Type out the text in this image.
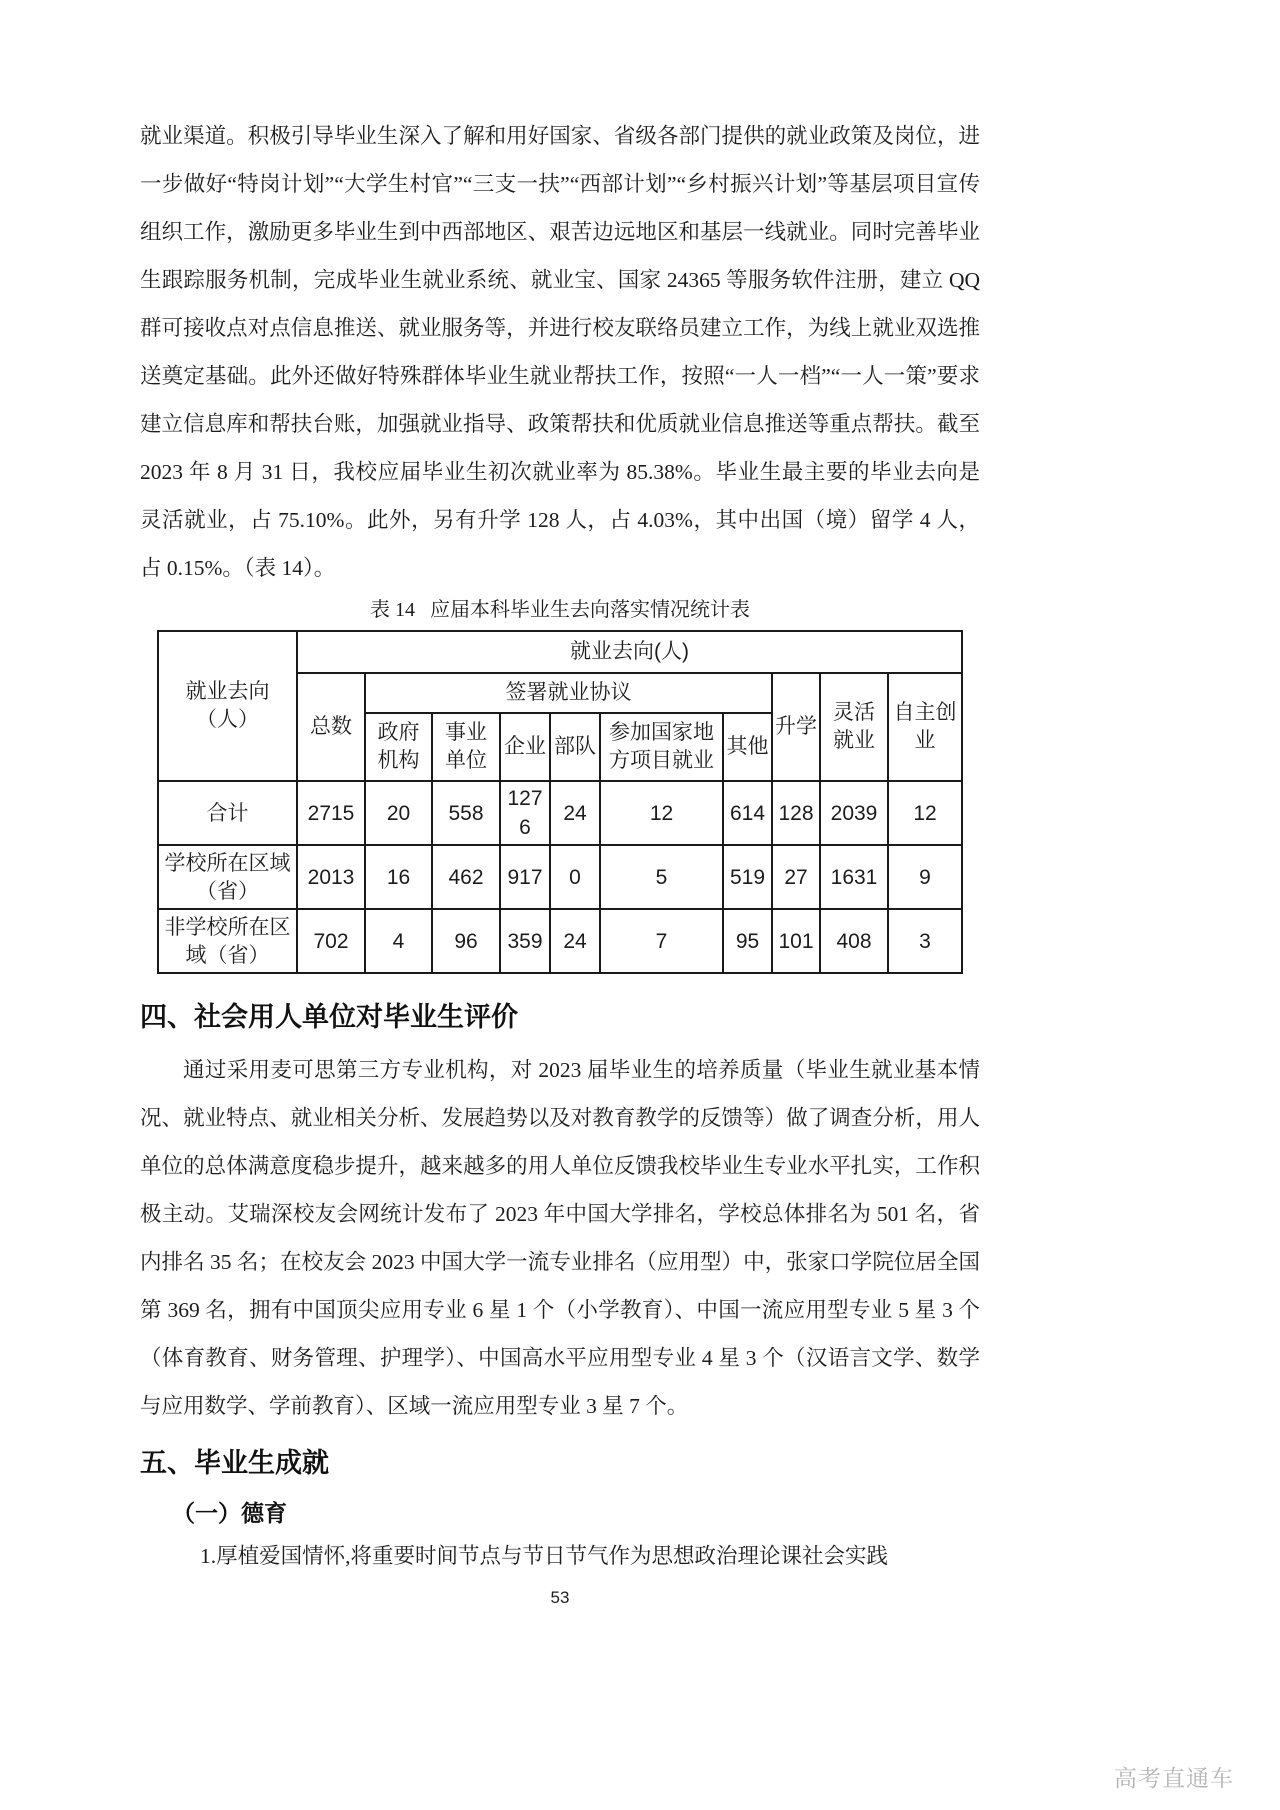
就业渠道。积极引导毕业生深入了解和用好国家、省级各部门提供的就业政策及岗位，进一步做好“特岗计划”“大学生村官”“三支一扶”“西部计划”“乡村振兴计划”等基层项目宣传组织工作，激励更多毕业生到中西部地区、艰苦边远地区和基层一线就业。同时完善毕业生跟踪服务机制，完成毕业生就业系统、就业宝、国家 24365 等服务软件注册，建立 QQ 群可接收点对点信息推送、就业服务等，并进行校友联络员建立工作，为线上就业双选推送奠定基础。此外还做好特殊群体毕业生就业帮扶工作，按照“一人一档”“一人一策”要求建立信息库和帮扶台账，加强就业指导、政策帮扶和优质就业信息推送等重点帮扶。截至 2023 年 8 月 31 日，我校应届毕业生初次就业率为 85.38%。毕业生最主要的毕业去向是灵活就业，占 75.10%。此外，另有升学 128 人，占 4.03%，其中出国（境）留学 4 人，占 0.15%。（表 14）。

表 14   应届本科毕业生去向落实情况统计表
就业去向（人）	就业去向(人)									
	总数	签署就业协议						升学	灵活就业	自主创业
		政府机构	事业单位	企业	部队	参加国家地方项目就业	其他			
合计	2715	20	558	1276	24	12	614	128	2039	12
学校所在区域（省）	2013	16	462	917	0	5	519	27	1631	9
非学校所在区域（省）	702	4	96	359	24	7	95	101	408	3
四、社会用人单位对毕业生评价

通过采用麦可思第三方专业机构，对 2023 届毕业生的培养质量（毕业生就业基本情况、就业特点、就业相关分析、发展趋势以及对教育教学的反馈等）做了调查分析，用人单位的总体满意度稳步提升，越来越多的用人单位反馈我校毕业生专业水平扎实，工作积极主动。艾瑞深校友会网统计发布了 2023 年中国大学排名，学校总体排名为 501 名，省内排名 35 名；在校友会 2023 中国大学一流专业排名（应用型）中，张家口学院位居全国第 369 名，拥有中国顶尖应用专业 6 星 1 个（小学教育）、中国一流应用型专业 5 星 3 个（体育教育、财务管理、护理学）、中国高水平应用型专业 4 星 3 个（汉语言文学、数学与应用数学、学前教育）、区域一流应用型专业 3 星 7 个。

五、毕业生成就
（一）德育

1.厚植爱国情怀,将重要时间节点与节日节气作为思想政治理论课社会实践

53
高考直通车
